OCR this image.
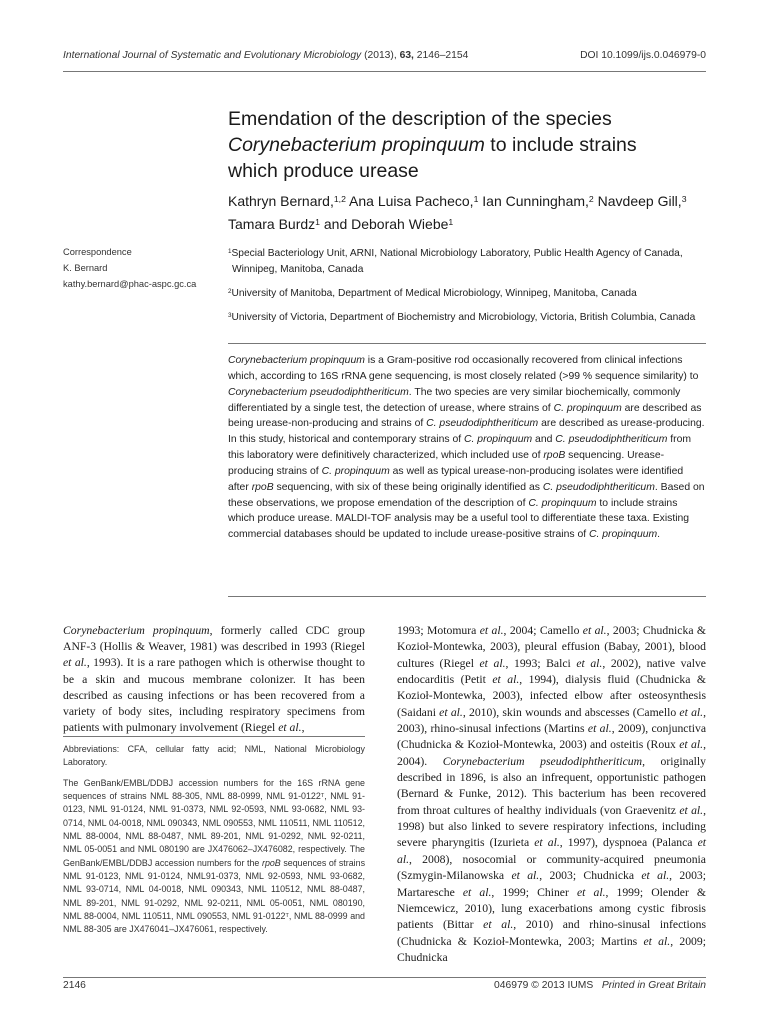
International Journal of Systematic and Evolutionary Microbiology (2013), 63, 2146–2154	DOI 10.1099/ijs.0.046979-0
Emendation of the description of the species
Corynebacterium propinquum to include strains
which produce urease
Kathryn Bernard,$^{1,2}$ Ana Luisa Pacheco,$^1$ Ian Cunningham,$^2$ Navdeep Gill,$^3$
Tamara Burdz$^1$ and Deborah Wiebe$^1$
Correspondence
K. Bernard
kathy.bernard@phac-aspc.gc.ca
$^1$Special Bacteriology Unit, ARNI, National Microbiology Laboratory, Public Health Agency of Canada, Winnipeg, Manitoba, Canada
$^2$University of Manitoba, Department of Medical Microbiology, Winnipeg, Manitoba, Canada
$^3$University of Victoria, Department of Biochemistry and Microbiology, Victoria, British Columbia, Canada
Corynebacterium propinquum is a Gram-positive rod occasionally recovered from clinical infections which, according to 16S rRNA gene sequencing, is most closely related (>99 % sequence similarity) to Corynebacterium pseudodiphtheriticum. The two species are very similar biochemically, commonly differentiated by a single test, the detection of urease, where strains of C. propinquum are described as being urease-non-producing and strains of C. pseudodiphtheriticum are described as urease-producing. In this study, historical and contemporary strains of C. propinquum and C. pseudodiphtheriticum from this laboratory were definitively characterized, which included use of rpoB sequencing. Urease-producing strains of C. propinquum as well as typical urease-non-producing isolates were identified after rpoB sequencing, with six of these being originally identified as C. pseudodiphtheriticum. Based on these observations, we propose emendation of the description of C. propinquum to include strains which produce urease. MALDI-TOF analysis may be a useful tool to differentiate these taxa. Existing commercial databases should be updated to include urease-positive strains of C. propinquum.
Corynebacterium propinquum, formerly called CDC group ANF-3 (Hollis & Weaver, 1981) was described in 1993 (Riegel et al., 1993). It is a rare pathogen which is otherwise thought to be a skin and mucous membrane colonizer. It has been described as causing infections or has been recovered from a variety of body sites, including respiratory specimens from patients with pulmonary involvement (Riegel et al.,

Abbreviations: CFA, cellular fatty acid; NML, National Microbiology Laboratory.

The GenBank/EMBL/DDBJ accession numbers for the 16S rRNA gene sequences of strains NML 88-305, NML 88-0999, NML $91-0122^T$, NML 91-0123, NML 91-0124, NML 91-0373, NML 92-0593, NML 93-0682, NML 93-0714, NML 04-0018, NML 090343, NML 090553, NML 110511, NML 110512, NML 88-0004, NML 88-0487, NML 89-201, NML 91-0292, NML 92-0211, NML 05-0051 and NML 080190 are JX476062–JX476082, respectively. The GenBank/EMBL/DDBJ accession numbers for the rpoB sequences of strains NML 91-0123, NML 91-0124, NML91-0373, NML 92-0593, NML 93-0682, NML 93-0714, NML 04-0018, NML 090343, NML 110512, NML 88-0487, NML 89-201, NML 91-0292, NML 92-0211, NML 05-0051, NML 080190, NML 88-0004, NML 110511, NML 090553, NML $91-0122^T$, NML 88-0999 and NML 88-305 are JX476041–JX476061, respectively.

1993; Motomura et al., 2004; Camello et al., 2003; Chudnicka & Kozioł-Montewka, 2003), pleural effusion (Babay, 2001), blood cultures (Riegel et al., 1993; Balci et al., 2002), native valve endocarditis (Petit et al., 1994), dialysis fluid (Chudnicka & Kozioł-Montewka, 2003), infected elbow after osteosynthesis (Saidani et al., 2010), skin wounds and abscesses (Camello et al., 2003), rhino-sinusal infections (Martins et al., 2009), conjunctiva (Chudnicka & Kozioł-Montewka, 2003) and osteitis (Roux et al., 2004). Corynebacterium pseudodiphtheriticum, originally described in 1896, is also an infrequent, opportunistic pathogen (Bernard & Funke, 2012). This bacterium has been recovered from throat cultures of healthy individuals (von Graevenitz et al., 1998) but also linked to severe respiratory infections, including severe pharyngitis (Izurieta et al., 1997), dyspnoea (Palanca et al., 2008), nosocomial or community-acquired pneumonia (Szmygin-Milanowska et al., 2003; Chudnicka et al., 2003; Martaresche et al., 1999; Chiner et al., 1999; Olender & Niemcewicz, 2010), lung exacerbations among cystic fibrosis patients (Bittar et al., 2010) and rhino-sinusal infections (Chudnicka & Kozioł-Montewka, 2003; Martins et al., 2009; Chudnicka
2146	046979 © 2013 IUMS Printed in Great Britain
